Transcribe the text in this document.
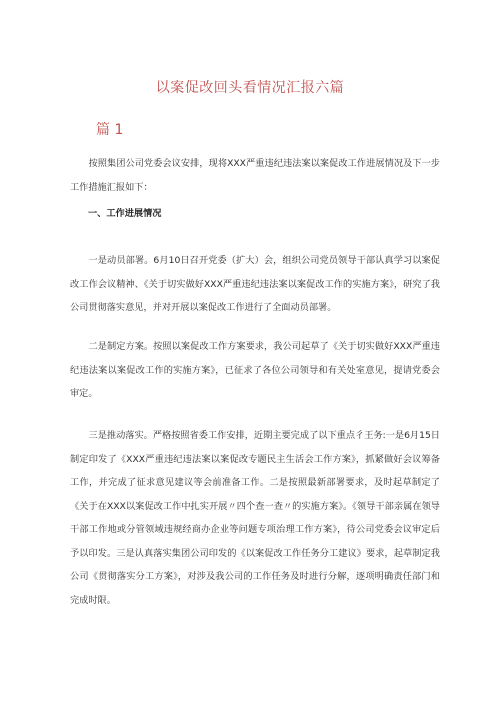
以案促改回头看情况汇报六篇
篇 1
按照集团公司党委会议安排，现将XXX严重违纪违法案以案促改工作进展情况及下一步工作措施汇报如下：
一、工作进展情况
一是动员部署。6月10日召开党委（扩大）会，组织公司党员领导干部认真学习以案促改工作会议精神、《关于切实做好XXX严重违纪违法案以案促改工作的实施方案》，研究了我公司贯彻落实意见，并对开展以案促改工作进行了全面动员部署。
二是制定方案。按照以案促改工作方案要求，我公司起草了《关于切实做好XXX严重违纪违法案以案促改工作的实施方案》，已征求了各位公司领导和有关处室意见，提请党委会审定。
三是推动落实。严格按照省委工作安排，近期主要完成了以下重点彳王务:一是6月15日制定印发了《XXX严重违纪违法案以案促改专题民主生活会工作方案》，抓紧做好会议筹备工作，并完成了征求意见建议等会前准备工作。二是按照最新部署要求，及时起草制定了《关于在XXX以案促改工作中扎实开展〃四个查一查〃的实施方案》。《领导干部亲属在领导干部工作地或分管领域违规经商办企业等问题专项治理工作方案》，待公司党委会议审定后予以印发。三是认真落实集团公司印发的《以案促改工作任务分工建议》要求，起草制定我公司《贯彻落实分工方案》，对涉及我公司的工作任务及时进行分解，逐项明确责任部门和完成时限。
